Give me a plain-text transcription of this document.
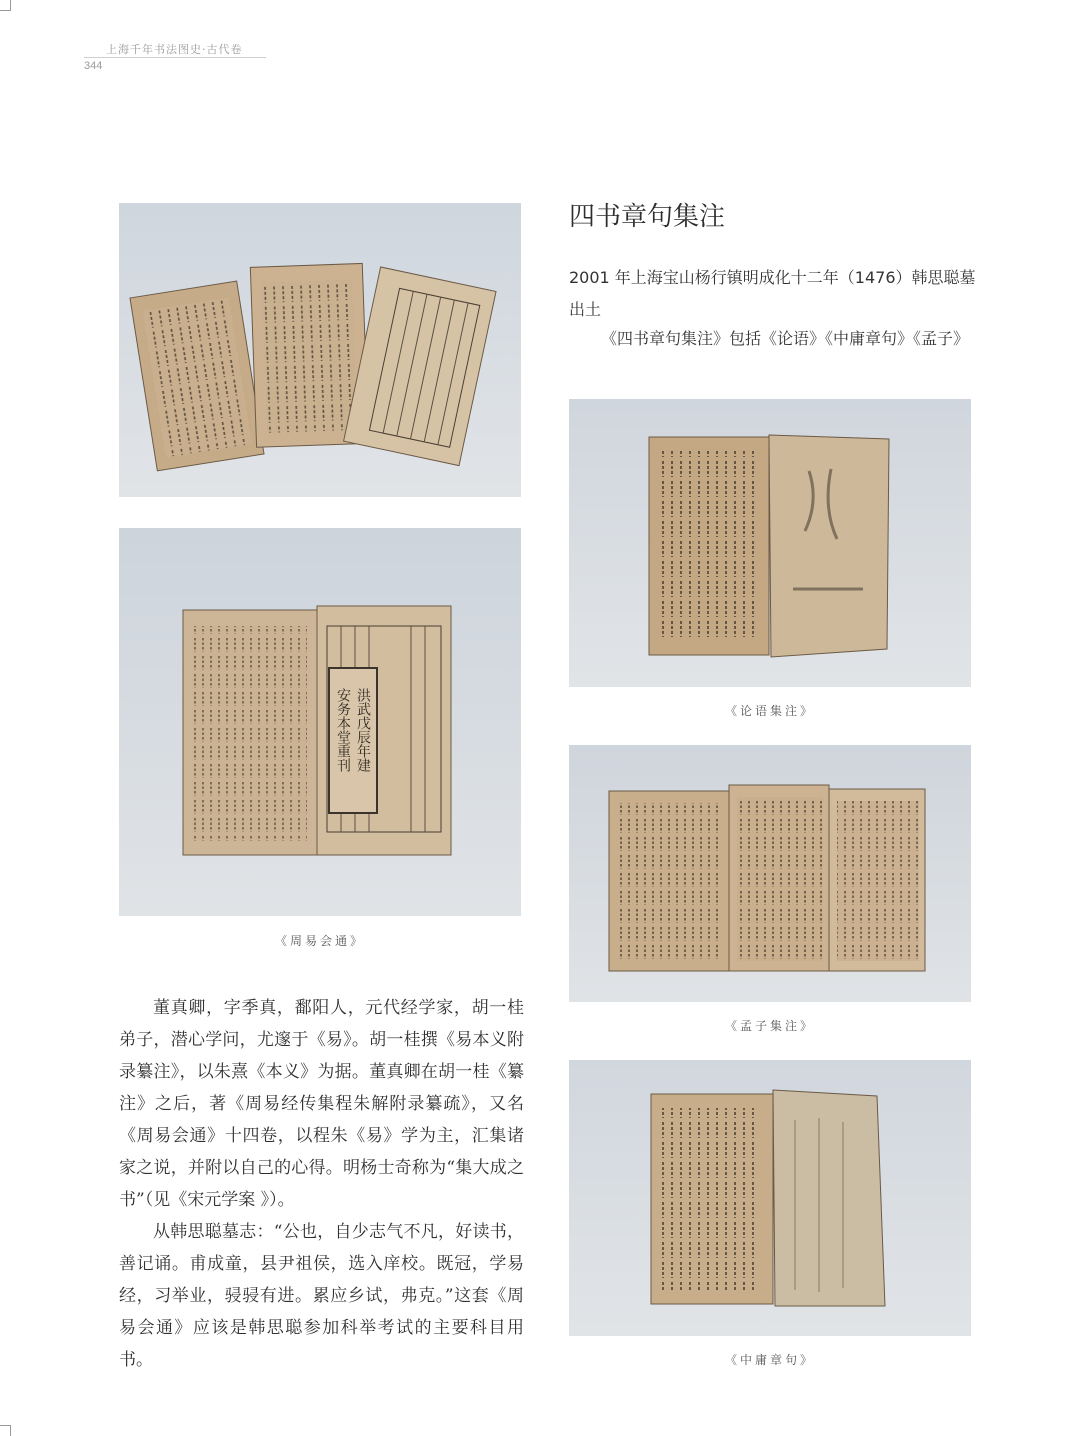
上海千年书法图史·古代卷
344
洪武戊辰年建
安务本堂重刊
《周易会通》

董真卿，字季真，鄱阳人，元代经学家，胡一桂弟子，潜心学问，尤邃于《易》。胡一桂撰《易本义附录纂注》，以朱熹《本义》为据。董真卿在胡一桂《纂注》之后，著《周易经传集程朱解附录纂疏》，又名《周易会通》十四卷，以程朱《易》学为主，汇集诸家之说，并附以自己的心得。明杨士奇称为“集大成之书”（见《宋元学案 》）。

从韩思聪墓志：“公也，自少志气不凡，好读书，善记诵。甫成童，县尹祖侯，选入庠校。既冠，学易经，习举业，骎骎有进。累应乡试，弗克。”这套《周易会通》应该是韩思聪参加科举考试的主要科目用书。

四书章句集注
2001 年上海宝山杨行镇明成化十二年（1476）韩思聪墓出土
《四书章句集注》包括《论语》《中庸章句》《孟子》
《论语集注》
《孟子集注》
《中庸章句》
